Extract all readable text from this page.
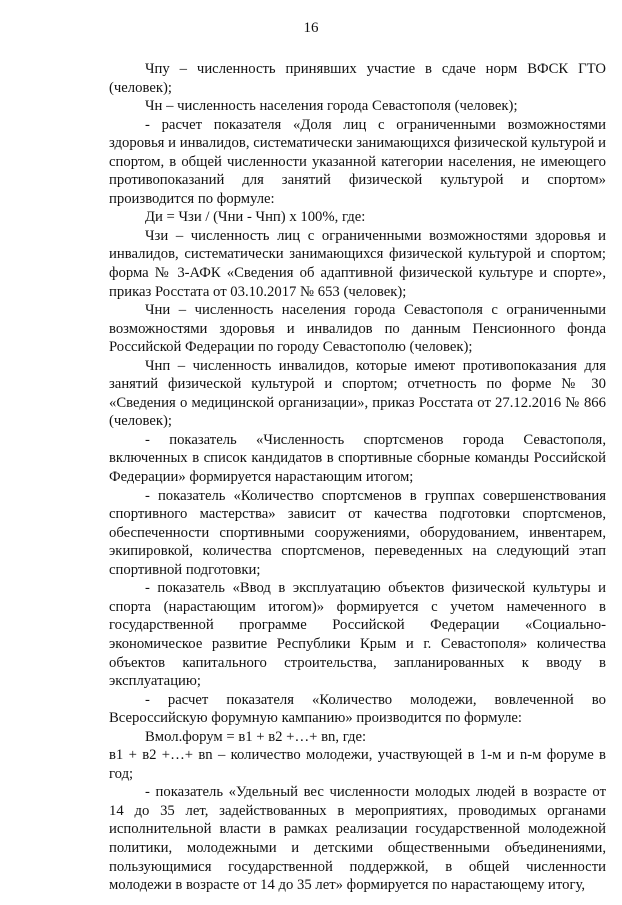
16

Чпу – численность принявших участие в сдаче норм ВФСК ГТО (человек);

Чн – численность населения города Севастополя (человек);

- расчет показателя «Доля лиц с ограниченными возможностями здоровья и инвалидов, систематически занимающихся физической культурой и спортом, в общей численности указанной категории населения, не имеющего противопоказаний для занятий физической культурой и спортом» производится по формуле:

Ди = Чзи / (Чни - Чнп) х 100%, где:

Чзи – численность лиц с ограниченными возможностями здоровья и инвалидов, систематически занимающихся физической культурой и спортом; форма № 3-АФК «Сведения об адаптивной физической культуре и спорте», приказ Росстата от 03.10.2017 № 653 (человек);

Чни – численность населения города Севастополя с ограниченными возможностями здоровья и инвалидов по данным Пенсионного фонда Российской Федерации по городу Севастополю (человек);

Чнп – численность инвалидов, которые имеют противопоказания для занятий физической культурой и спортом; отчетность по форме № 30 «Сведения о медицинской организации», приказ Росстата от 27.12.2016 № 866 (человек);

- показатель «Численность спортсменов города Севастополя, включенных в список кандидатов в спортивные сборные команды Российской Федерации» формируется нарастающим итогом;

- показатель «Количество спортсменов в группах совершенствования спортивного мастерства» зависит от качества подготовки спортсменов, обеспеченности спортивными сооружениями, оборудованием, инвентарем, экипировкой, количества спортсменов, переведенных на следующий этап спортивной подготовки;

- показатель «Ввод в эксплуатацию объектов физической культуры и спорта (нарастающим итогом)» формируется с учетом намеченного в государственной программе Российской Федерации «Социально-экономическое развитие Республики Крым и г. Севастополя» количества объектов капитального строительства, запланированных к вводу в эксплуатацию;

- расчет показателя «Количество молодежи, вовлеченной во Всероссийскую форумную кампанию» производится по формуле:

Вмол.форум = в1 + в2 +…+ вn, где:

в1 + в2 +…+ вn – количество молодежи, участвующей в 1-м и n-м форуме в год;

- показатель «Удельный вес численности молодых людей в возрасте от 14 до 35 лет, задействованных в мероприятиях, проводимых органами исполнительной власти в рамках реализации государственной молодежной политики, молодежными и детскими общественными объединениями, пользующимися государственной поддержкой, в общей численности молодежи в возрасте от 14 до 35 лет» формируется по нарастающему итогу,
